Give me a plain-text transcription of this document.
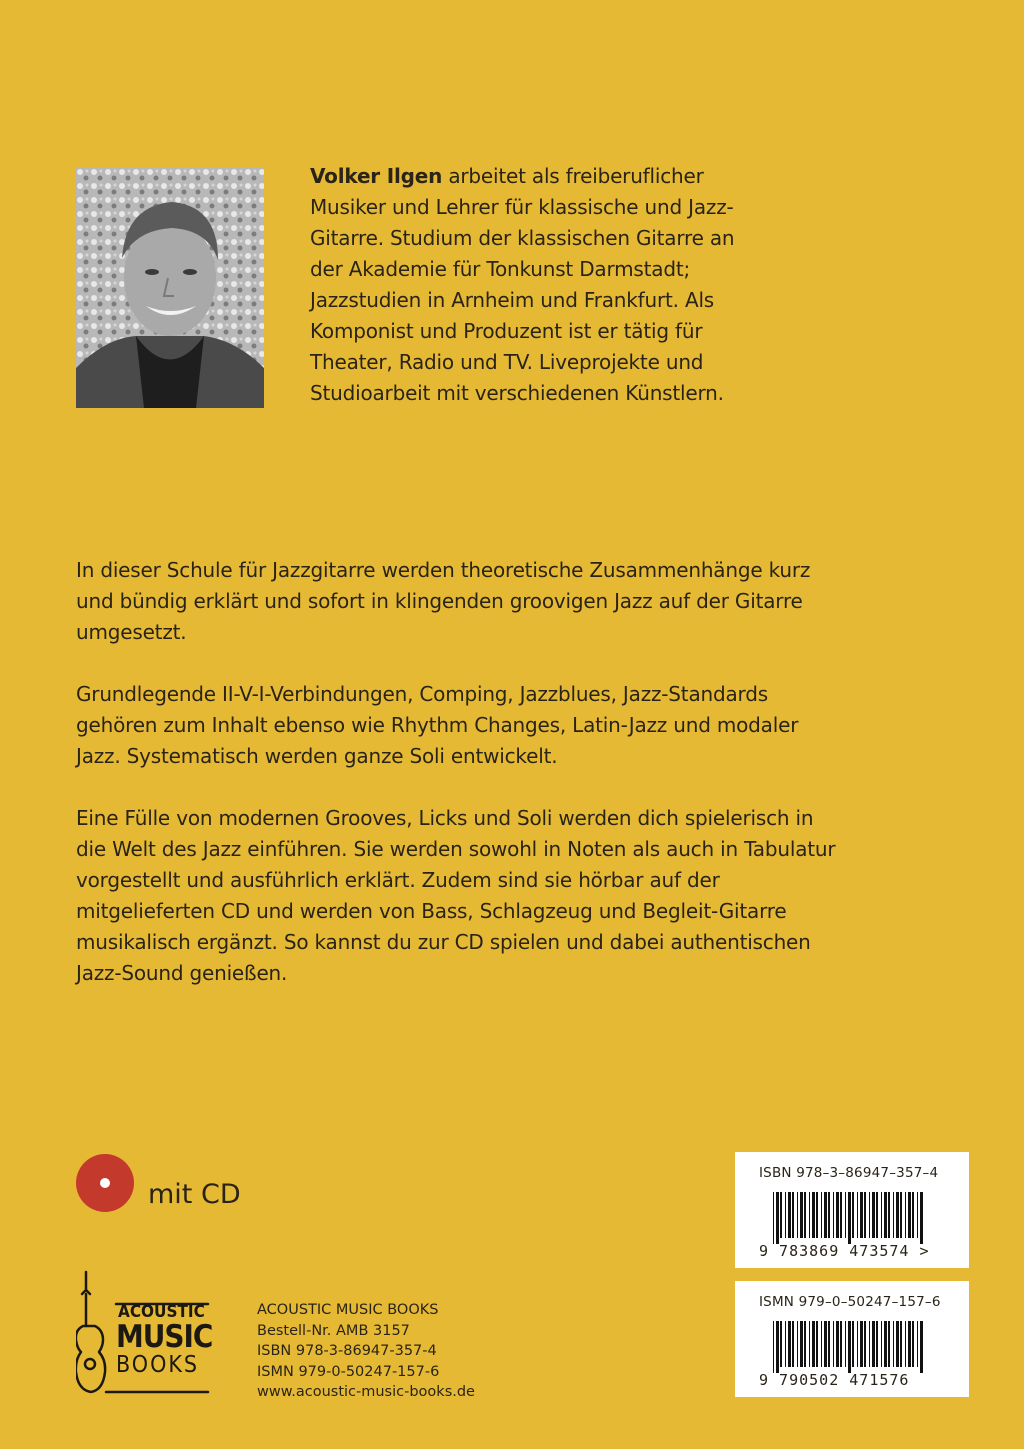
Volker Ilgen arbeitet als freiberuflicher Musiker und Lehrer für klassische und Jazz-Gitarre. Studium der klassischen Gitarre an der Akademie für Tonkunst Darmstadt; Jazzstudien in Arnheim und Frankfurt. Als Komponist und Produzent ist er tätig für Theater, Radio und TV. Liveprojekte und Studioarbeit mit verschiedenen Künstlern.

In dieser Schule für Jazzgitarre werden theoretische Zusammenhänge kurz und bündig erklärt und sofort in klingenden groovigen Jazz auf der Gitarre umgesetzt.

Grundlegende II-V-I-Verbindungen, Comping, Jazzblues, Jazz-Standards gehören zum Inhalt ebenso wie Rhythm Changes, Latin-Jazz und modaler Jazz. Systematisch werden ganze Soli entwickelt.

Eine Fülle von modernen Grooves, Licks und Soli werden dich spielerisch in die Welt des Jazz einführen. Sie werden sowohl in Noten als auch in Tabulatur vorgestellt und ausführlich erklärt. Zudem sind sie hörbar auf der mitgelieferten CD und werden von Bass, Schlagzeug und Begleit-Gitarre musikalisch ergänzt. So kannst du zur CD spielen und dabei authentischen Jazz-Sound genießen.

mit CD
ACOUSTIC
MUSIC
BOOKS
ACOUSTIC MUSIC BOOKS
Bestell-Nr. AMB 3157
ISBN 978-3-86947-357-4
ISMN 979-0-50247-157-6
www.acoustic-music-books.de
ISBN 978–3–86947–357–4
9 783869 473574 >
ISMN 979–0–50247–157–6
9 790502 471576
